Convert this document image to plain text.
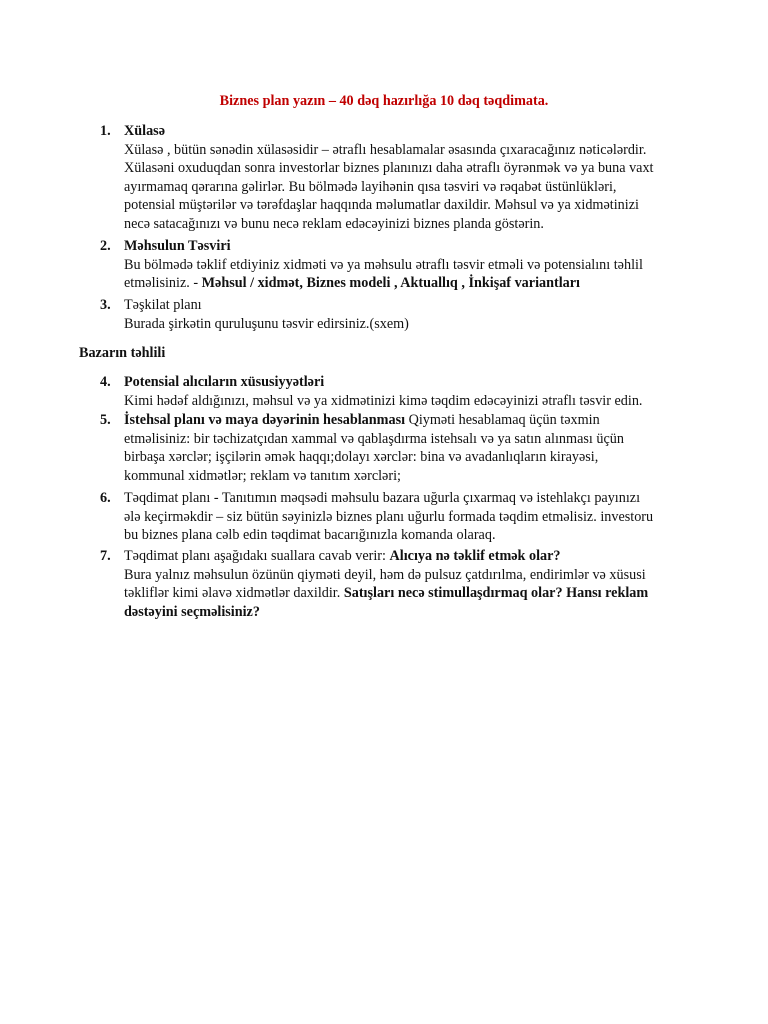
Biznes plan yazın – 40 dəq hazırlığa 10 dəq təqdimata.
1. Xülasə
Xülasə , bütün sənədin xülasəsidir – ətraflı hesablamalar əsasında çıxaracağınız nəticələrdir.
Xülasəni oxuduqdan sonra investorlar biznes planınızı daha ətraflı öyrənmək və ya buna vaxt
ayırmamaq qərarına gəlirlər. Bu bölmədə layihənin qısa təsviri və rəqabət üstünlükləri,
potensial müştərilər və tərəfdaşlar haqqında məlumatlar daxildir. Məhsul və ya xidmətinizi
necə satacağınızı və bunu necə reklam edəcəyinizi biznes planda göstərin.
2. Məhsulun Təsviri
Bu bölmədə təklif etdiyiniz xidməti və ya məhsulu ətraflı təsvir etməli və potensialını təhlil
etməlisiniz. - Məhsul / xidmət, Biznes modeli , Aktuallıq , İnkişaf variantları
3. Təşkilat planı
Burada şirkətin quruluşunu təsvir edirsiniz.(sxem)

Bazarın təhlili

4. Potensial alıcıların xüsusiyyətləri
Kimi hədəf aldığınızı, məhsul və ya xidmətinizi kimə təqdim edəcəyinizi ətraflı təsvir edin.
5. İstehsal planı və maya dəyərinin hesablanması Qiyməti hesablamaq üçün təxmin
etməlisiniz: bir təchizatçıdan xammal və qablaşdırma istehsalı və ya satın alınması üçün
birbaşa xərclər; işçilərin əmək haqqı;dolayı xərclər: bina və avadanlıqların kirayəsi,
kommunal xidmətlər; reklam və tanıtım xərcləri;
6. Təqdimat planı - Tanıtımın məqsədi məhsulu bazara uğurla çıxarmaq və istehlakçı payınızı
ələ keçirməkdir – siz bütün səyinizlə biznes planı uğurlu formada təqdim etməlisiz. investoru
bu biznes plana cəlb edin təqdimat bacarığınızla komanda olaraq.
7. Təqdimat planı aşağıdakı suallara cavab verir: Alıcıya nə təklif etmək olar?
Bura yalnız məhsulun özünün qiyməti deyil, həm də pulsuz çatdırılma, endirimlər və xüsusi
təkliflər kimi əlavə xidmətlər daxildir. Satışları necə stimullaşdırmaq olar? Hansı reklam
dəstəyini seçməlisiniz?
